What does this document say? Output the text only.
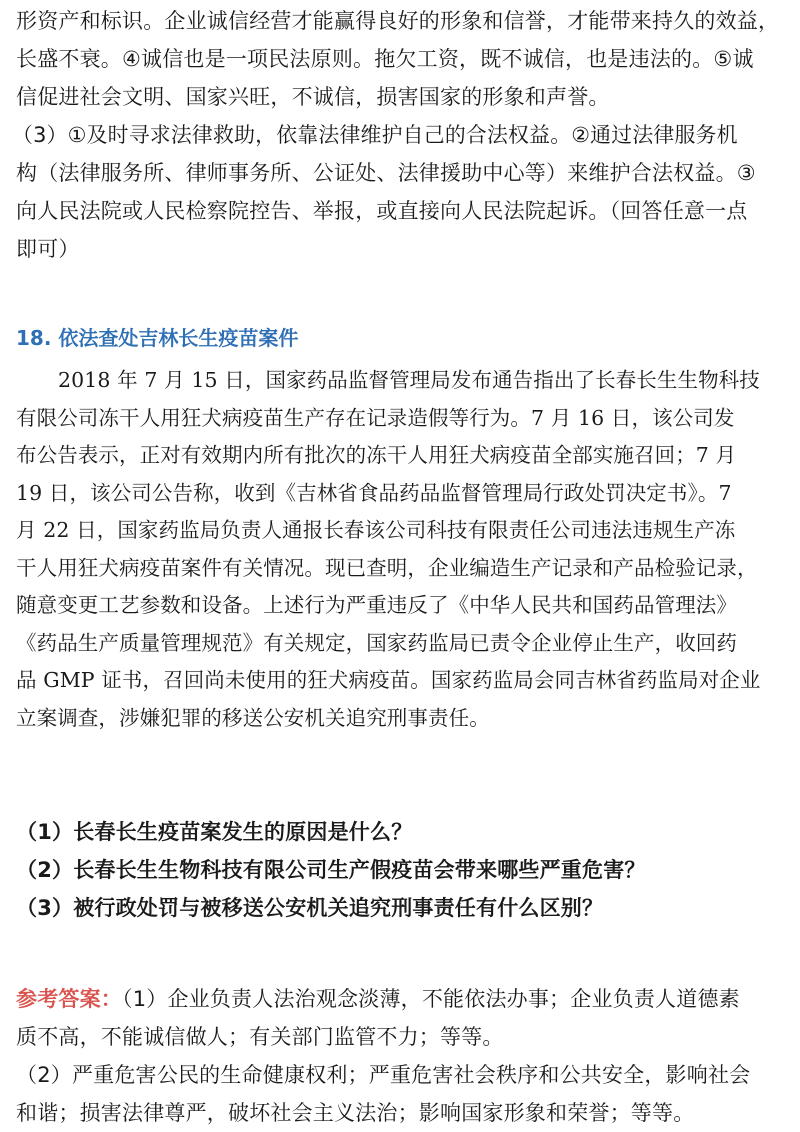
形资产和标识。企业诚信经营才能赢得良好的形象和信誉，才能带来持久的效益，
长盛不衰。④诚信也是一项民法原则。拖欠工资，既不诚信，也是违法的。⑤诚
信促进社会文明、国家兴旺，不诚信，损害国家的形象和声誉。
（3）①及时寻求法律救助，依靠法律维护自己的合法权益。②通过法律服务机
构（法律服务所、律师事务所、公证处、法律援助中心等）来维护合法权益。③
向人民法院或人民检察院控告、举报，或直接向人民法院起诉。（回答任意一点
即可）
18. 依法查处吉林长生疫苗案件
2018 年 7 月 15 日，国家药品监督管理局发布通告指出了长春长生生物科技
有限公司冻干人用狂犬病疫苗生产存在记录造假等行为。7 月 16 日，该公司发
布公告表示，正对有效期内所有批次的冻干人用狂犬病疫苗全部实施召回；7 月
19 日，该公司公告称，收到《吉林省食品药品监督管理局行政处罚决定书》。7
月 22 日，国家药监局负责人通报长春该公司科技有限责任公司违法违规生产冻
干人用狂犬病疫苗案件有关情况。现已查明，企业编造生产记录和产品检验记录，
随意变更工艺参数和设备。上述行为严重违反了《中华人民共和国药品管理法》
《药品生产质量管理规范》有关规定，国家药监局已责令企业停止生产，收回药
品 GMP 证书，召回尚未使用的狂犬病疫苗。国家药监局会同吉林省药监局对企业
立案调查，涉嫌犯罪的移送公安机关追究刑事责任。
（1）长春长生疫苗案发生的原因是什么？
（2）长春长生生物科技有限公司生产假疫苗会带来哪些严重危害？
（3）被行政处罚与被移送公安机关追究刑事责任有什么区别？
参考答案：（1）企业负责人法治观念淡薄，不能依法办事；企业负责人道德素
质不高，不能诚信做人；有关部门监管不力；等等。
（2）严重危害公民的生命健康权利；严重危害社会秩序和公共安全，影响社会
和谐；损害法律尊严，破坏社会主义法治；影响国家形象和荣誉；等等。
